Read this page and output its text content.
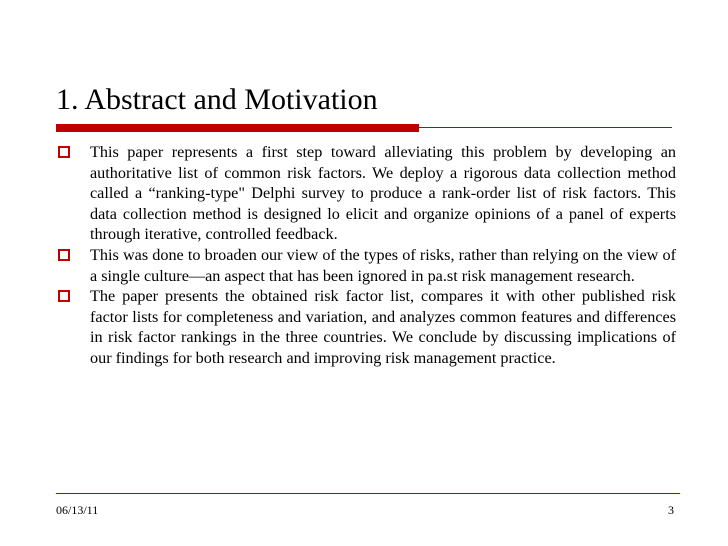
1. Abstract and Motivation
This paper represents a first step toward alleviating this problem by developing an authoritative list of common risk factors. We deploy a rigorous data collection method called a “ranking-type" Delphi survey to produce a rank-order list of risk factors. This data collection method is designed lo elicit and organize opinions of a panel of experts through iterative, controlled feedback.
This was done to broaden our view of the types of risks, rather than relying on the view of a single culture—an aspect that has been ignored in pa.st risk management research.
The paper presents the obtained risk factor list, compares it with other published risk factor lists for completeness and variation, and analyzes common features and differences in risk factor rankings in the three countries. We conclude by discussing implications of our findings for both research and improving risk management practice.
06/13/11	3
